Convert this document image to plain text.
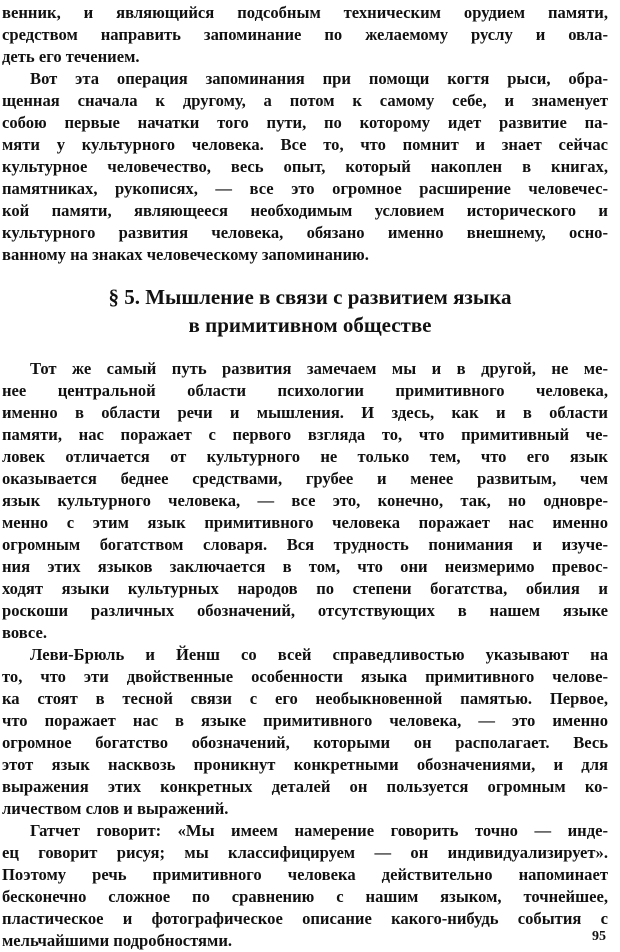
венник, и являющийся подсобным техническим орудием памяти,
средством направить запоминание по желаемому руслу и овла-
деть его течением.
Вот эта операция запоминания при помощи когтя рыси, обра-
щенная сначала к другому, а потом к самому себе, и знаменует
собою первые начатки того пути, по которому идет развитие па-
мяти у культурного человека. Все то, что помнит и знает сейчас
культурное человечество, весь опыт, который накоплен в книгах,
памятниках, рукописях, — все это огромное расширение человечес-
кой памяти, являющееся необходимым условием исторического и
культурного развития человека, обязано именно внешнему, осно-
ванному на знаках человеческому запоминанию.
§ 5. Мышление в связи с развитием языка
в примитивном обществе
Тот же самый путь развития замечаем мы и в другой, не ме-
нее центральной области психологии примитивного человека,
именно в области речи и мышления. И здесь, как и в области
памяти, нас поражает с первого взгляда то, что примитивный че-
ловек отличается от культурного не только тем, что его язык
оказывается беднее средствами, грубее и менее развитым, чем
язык культурного человека, — все это, конечно, так, но одновре-
менно с этим язык примитивного человека поражает нас именно
огромным богатством словаря. Вся трудность понимания и изуче-
ния этих языков заключается в том, что они неизмеримо превос-
ходят языки культурных народов по степени богатства, обилия и
роскоши различных обозначений, отсутствующих в нашем языке
вовсе.
Леви-Брюль и Йенш со всей справедливостью указывают на
то, что эти двойственные особенности языка примитивного челове-
ка стоят в тесной связи с его необыкновенной памятью. Первое,
что поражает нас в языке примитивного человека, — это именно
огромное богатство обозначений, которыми он располагает. Весь
этот язык насквозь проникнут конкретными обозначениями, и для
выражения этих конкретных деталей он пользуется огромным ко-
личеством слов и выражений.
Гатчет говорит: «Мы имеем намерение говорить точно — индe-
ец говорит рисуя; мы классифицируем — он индивидуализирует».
Поэтому речь примитивного человека действительно напоминает
бесконечно сложное по сравнению с нашим языком, точнейшее,
пластическое и фотографическое описание какого-нибудь события с
мельчайшими подробностями.	95
